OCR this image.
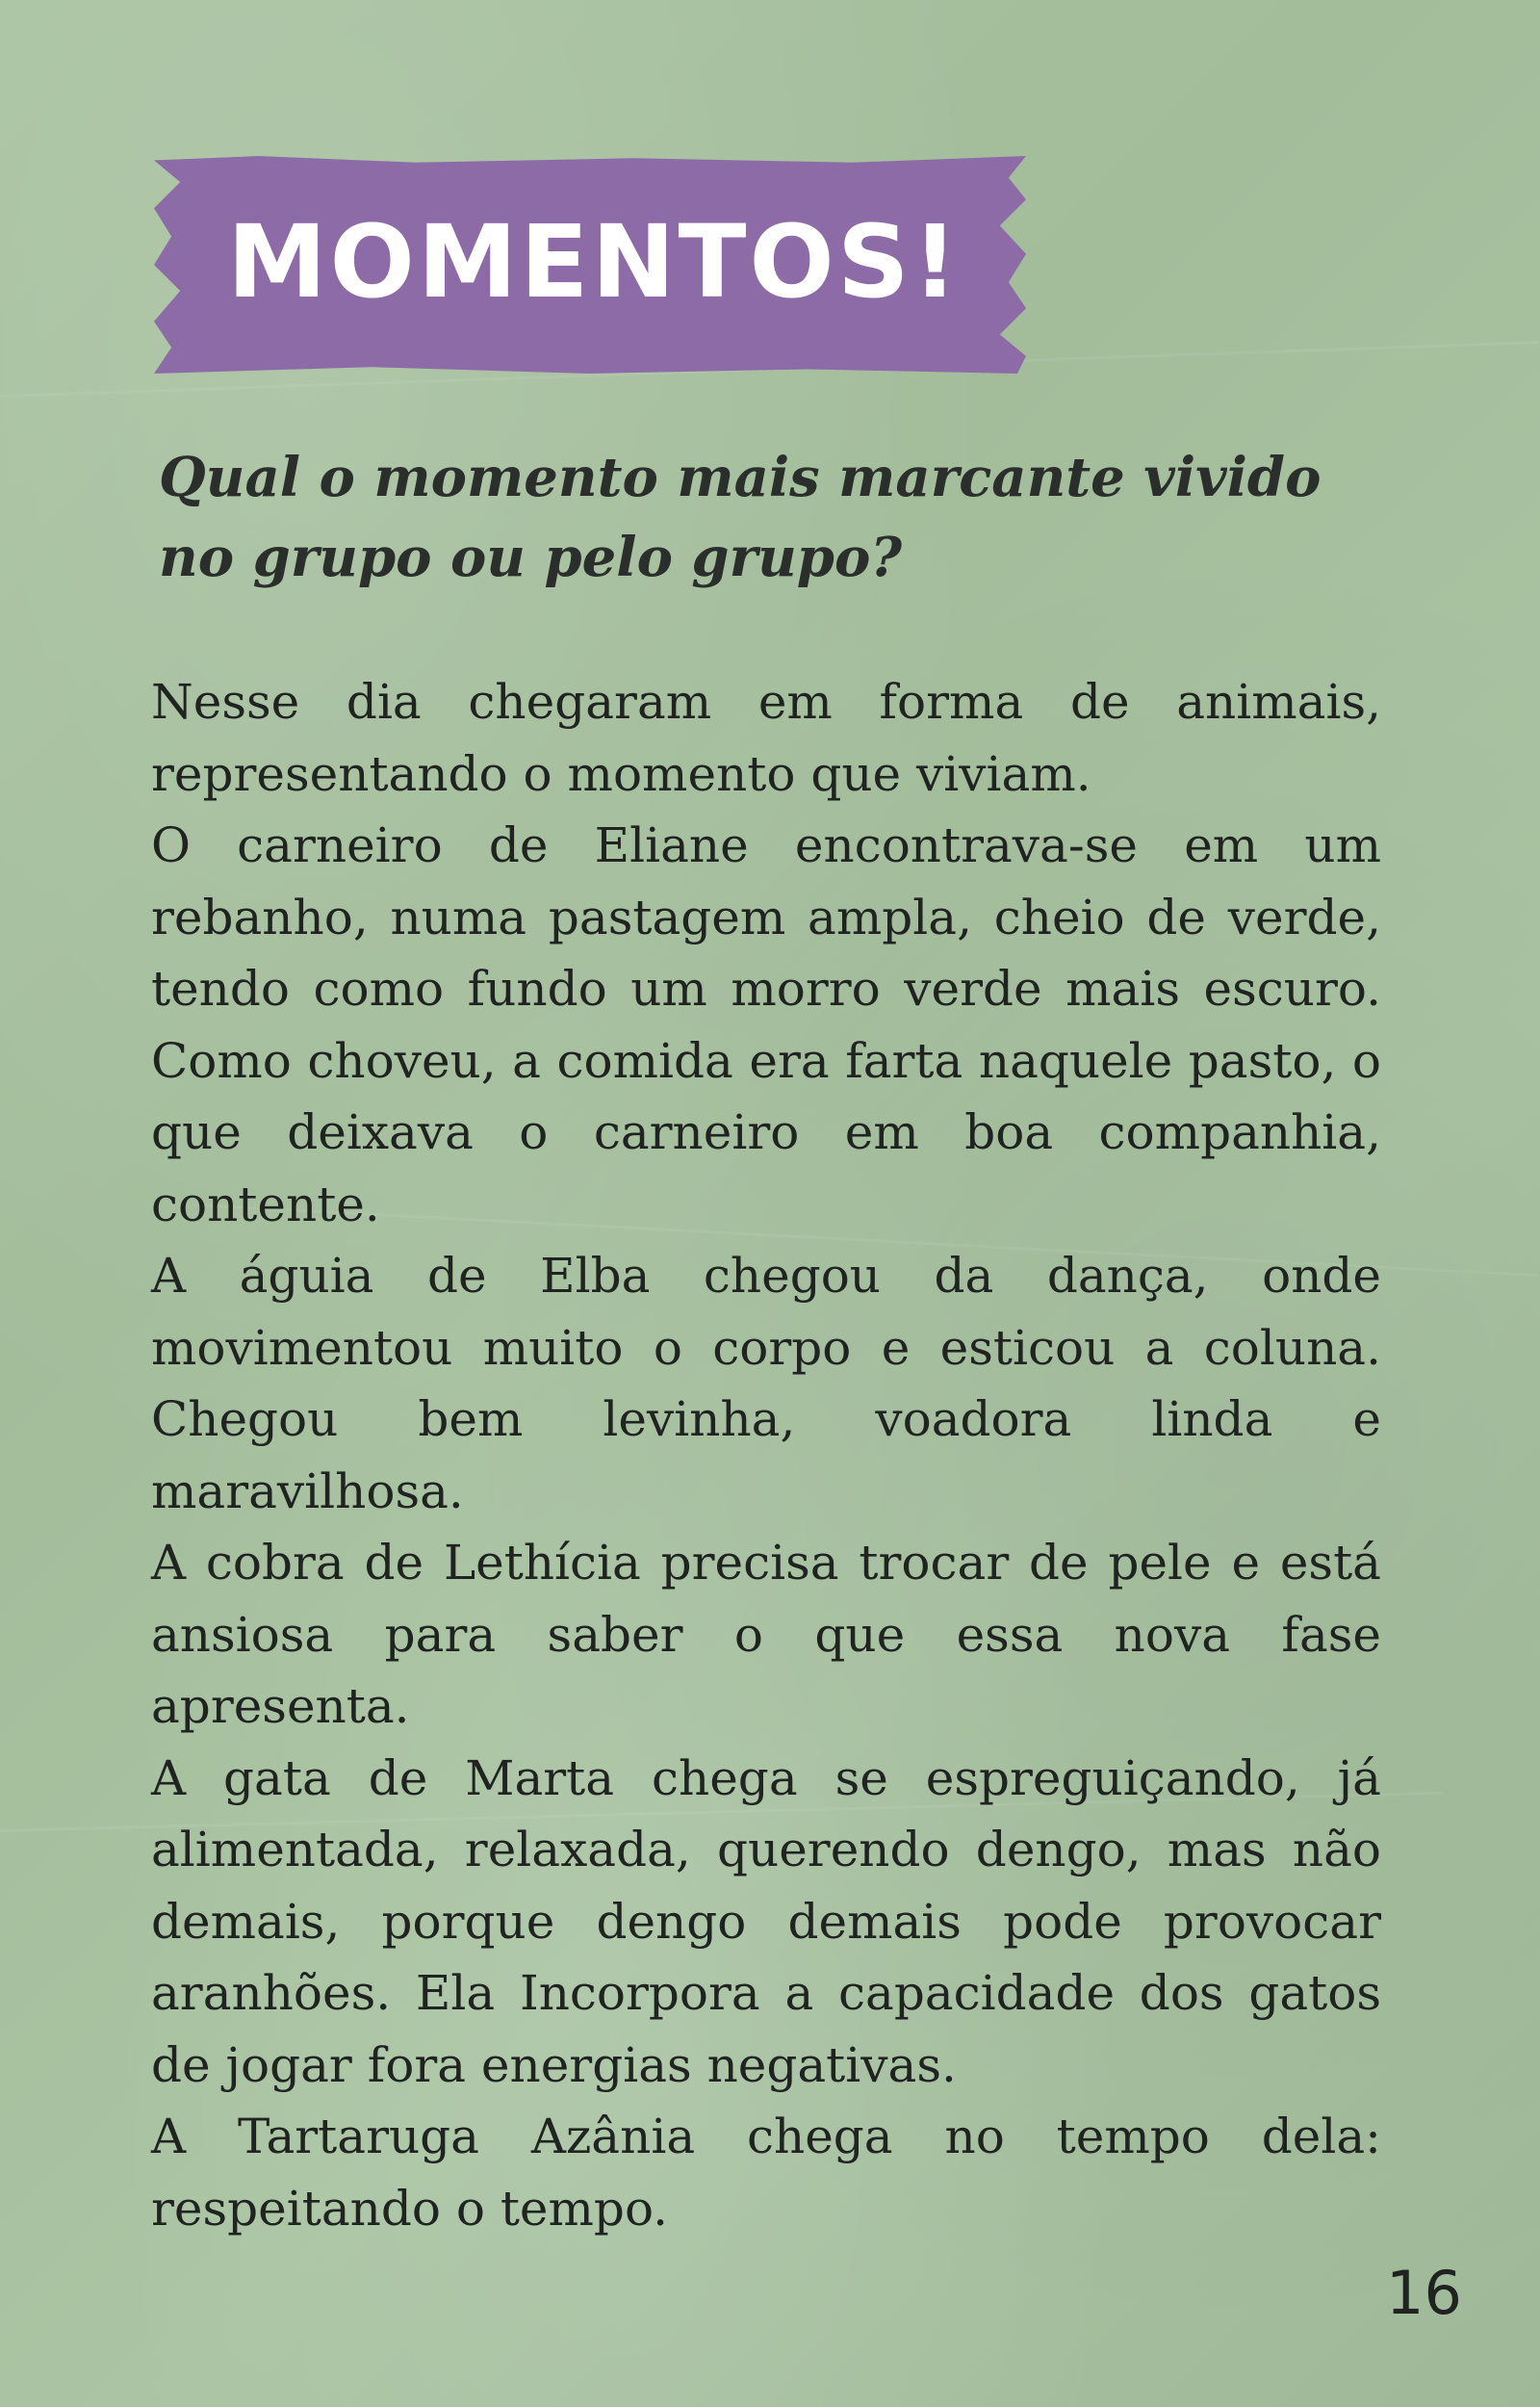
MOMENTOS!
Qual o momento mais marcante vivido no grupo ou pelo grupo?

Nesse dia chegaram em forma de animais, representando o momento que viviam.

O carneiro de Eliane encontrava-se em um rebanho, numa pastagem ampla, cheio de verde, tendo como fundo um morro verde mais escuro. Como choveu, a comida era farta naquele pasto, o que deixava o carneiro em boa companhia, contente.

A águia de Elba chegou da dança, onde movimentou muito o corpo e esticou a coluna. Chegou bem levinha, voadora linda e maravilhosa.

A cobra de Lethícia precisa trocar de pele e está ansiosa para saber o que essa nova fase apresenta.

A gata de Marta chega se espreguiçando, já alimentada, relaxada, querendo dengo, mas não demais, porque dengo demais pode provocar aranhões. Ela Incorpora a capacidade dos gatos de jogar fora energias negativas.

A Tartaruga Azânia chega no tempo dela: respeitando o tempo.

16
